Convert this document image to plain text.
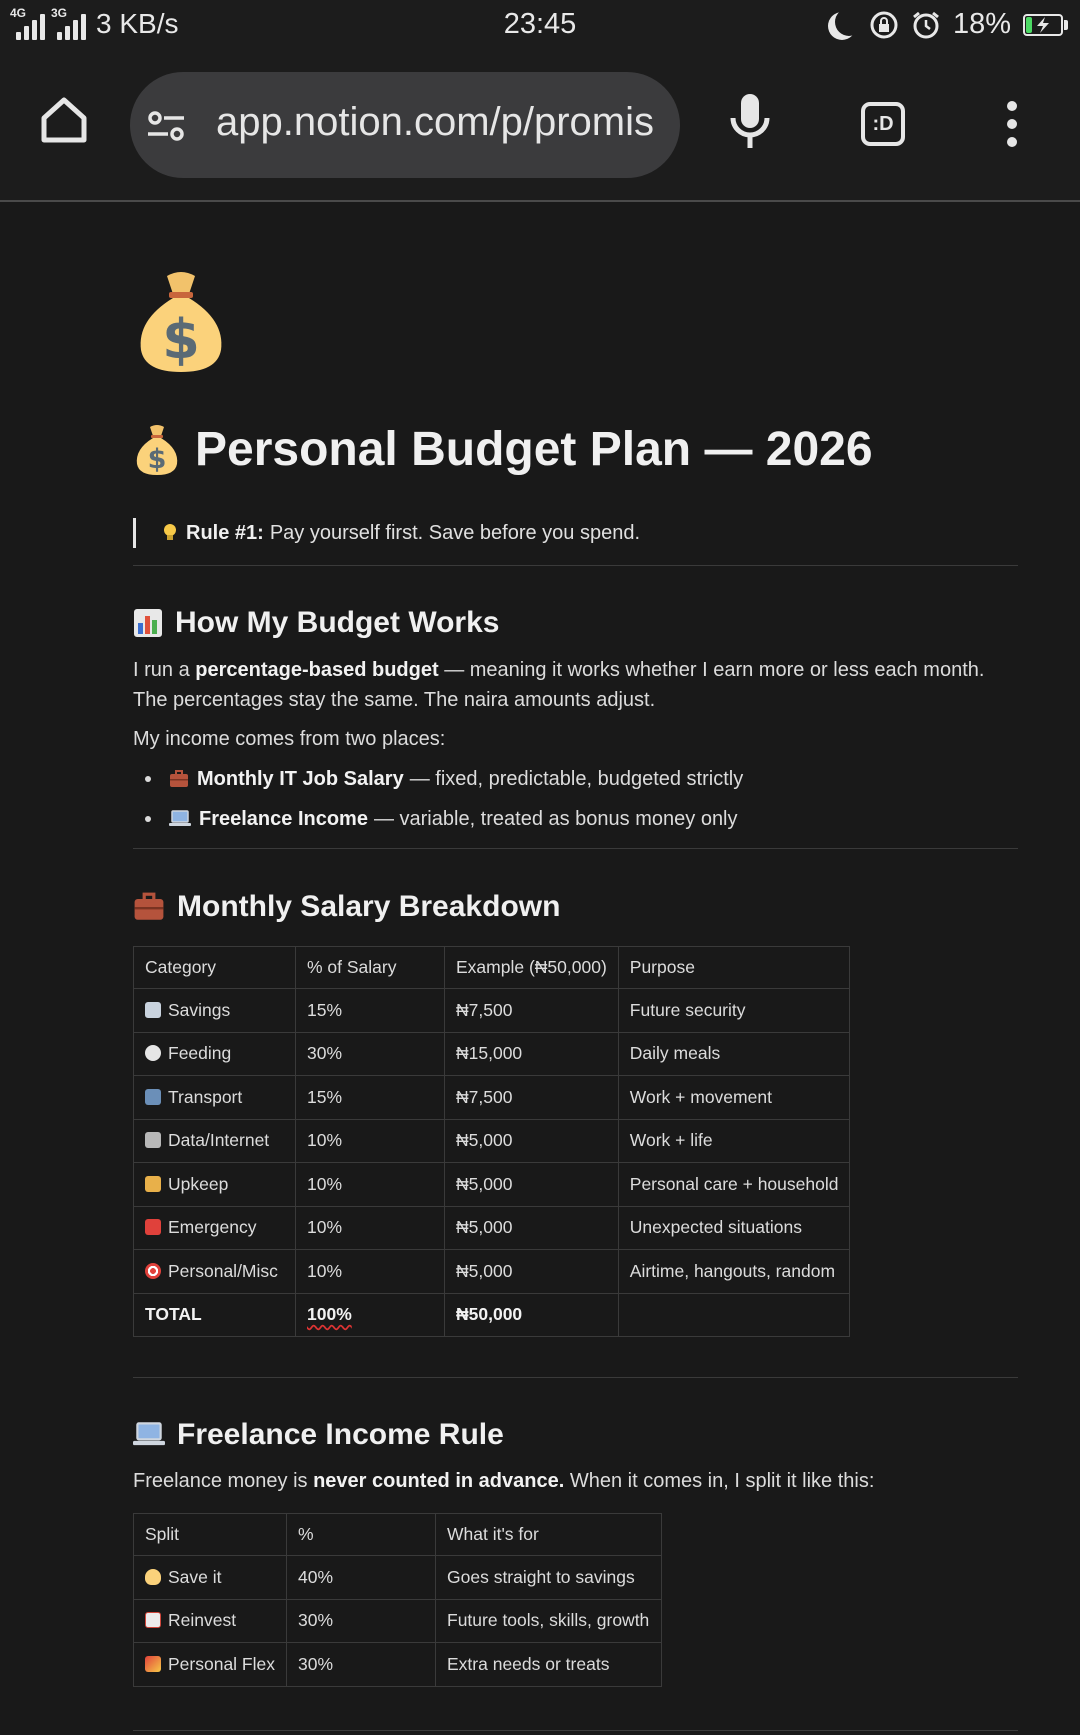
4G 3G 3 KB/s	23:45	18%
app.notion.com/p/promis	:D
$
$ Personal Budget Plan — 2026
Rule #1: Pay yourself first. Save before you spend.
How My Budget Works
I run a percentage-based budget — meaning it works whether I earn more or less each month. The percentages stay the same. The naira amounts adjust.
My income comes from two places:
Monthly IT Job Salary — fixed, predictable, budgeted strictly
Freelance Income — variable, treated as bonus money only
Monthly Salary Breakdown
Category	% of Salary	Example (₦50,000)	Purpose
Savings	15%	₦7,500	Future security
Feeding	30%	₦15,000	Daily meals
Transport	15%	₦7,500	Work + movement
Data/Internet	10%	₦5,000	Work + life
Upkeep	10%	₦5,000	Personal care + household
Emergency	10%	₦5,000	Unexpected situations
Personal/Misc	10%	₦5,000	Airtime, hangouts, random
TOTAL	100%	₦50,000	
Freelance Income Rule
Freelance money is never counted in advance. When it comes in, I split it like this:
Split	%	What it's for
Save it	40%	Goes straight to savings
Reinvest	30%	Future tools, skills, growth
Personal Flex	30%	Extra needs or treats
